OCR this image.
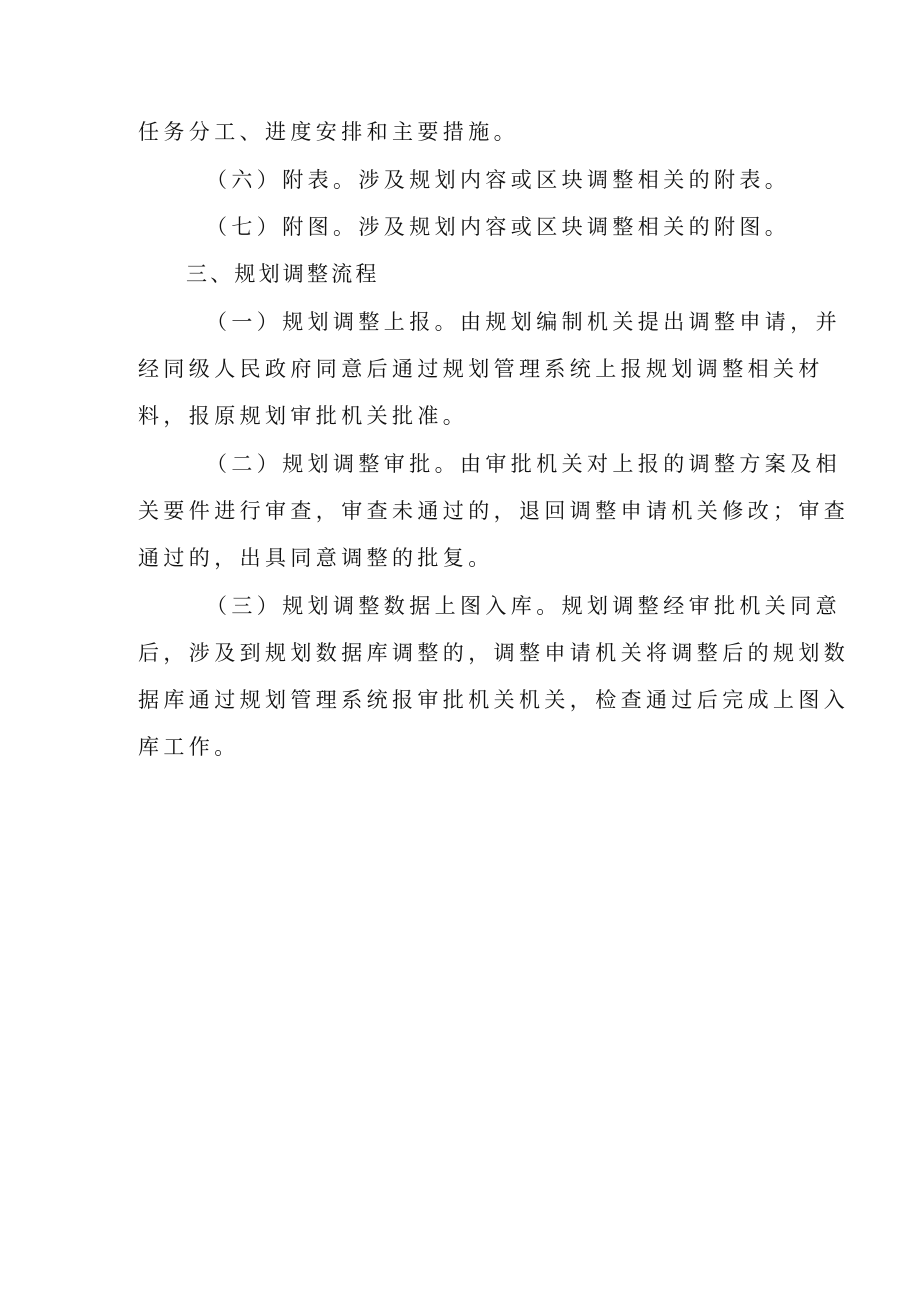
任务分工、进度安排和主要措施。

（六）附表。涉及规划内容或区块调整相关的附表。

（七）附图。涉及规划内容或区块调整相关的附图。

三、规划调整流程

（一）规划调整上报。由规划编制机关提出调整申请，并

经同级人民政府同意后通过规划管理系统上报规划调整相关材

料，报原规划审批机关批准。

（二）规划调整审批。由审批机关对上报的调整方案及相

关要件进行审查，审查未通过的，退回调整申请机关修改；审查

通过的，出具同意调整的批复。

（三）规划调整数据上图入库。规划调整经审批机关同意

后，涉及到规划数据库调整的，调整申请机关将调整后的规划数

据库通过规划管理系统报审批机关机关，检查通过后完成上图入

库工作。
